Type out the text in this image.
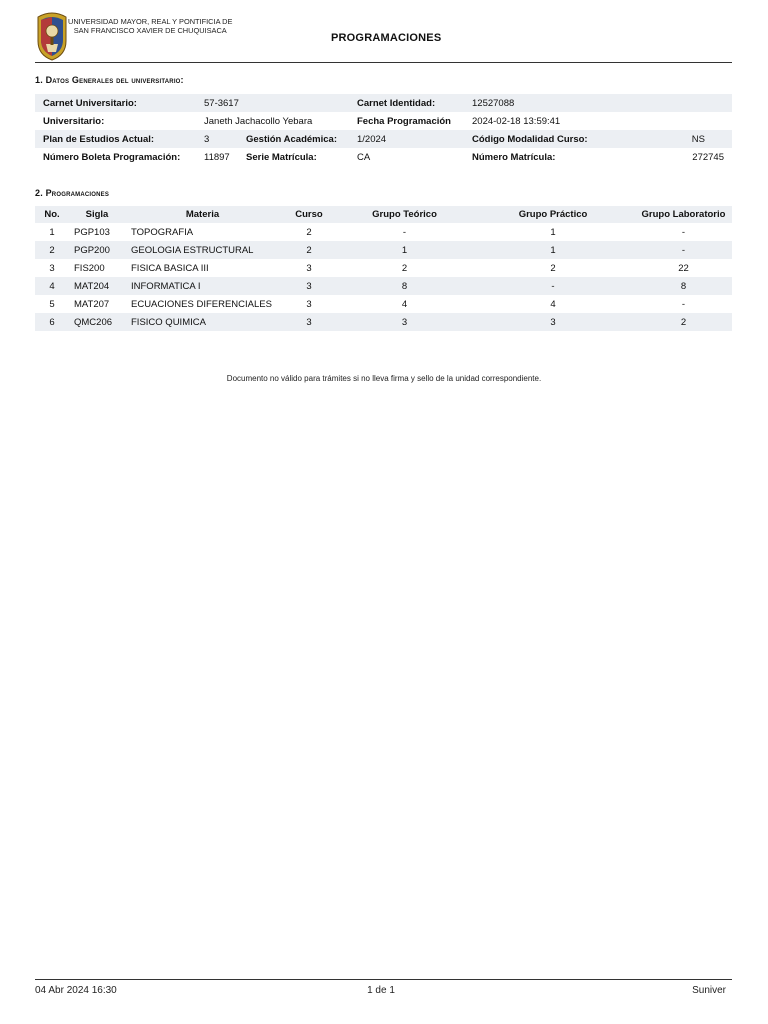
UNIVERSIDAD MAYOR, REAL Y PONTIFICIA DE
SAN FRANCISCO XAVIER DE CHUQUISACA
PROGRAMACIONES
1. Datos Generales del universitario:
Carnet Universitario:	57-3617	Carnet Identidad:	12527088	
Universitario:	Janeth Jachacollo Yebara	Fecha Programación	2024-02-18 13:59:41	
Plan de Estudios Actual:	3 Gestión Académica:	1/2024	Código Modalidad Curso:	NS
Número Boleta Programación:	11897 Serie Matrícula:	CA	Número Matrícula:	272745
2. Programaciones
No.	Sigla	Materia	Curso	Grupo Teórico	Grupo Práctico	Grupo Laboratorio
1	PGP103	TOPOGRAFIA	2	-	1	-
2	PGP200	GEOLOGIA ESTRUCTURAL	2	1	1	-
3	FIS200	FISICA BASICA III	3	2	2	22
4	MAT204	INFORMATICA I	3	8	-	8
5	MAT207	ECUACIONES DIFERENCIALES	3	4	4	-
6	QMC206	FISICO QUIMICA	3	3	3	2
Documento no válido para trámites si no lleva firma y sello de la unidad correspondiente.
04 Abr 2024 16:30	1 de 1	Suniver
